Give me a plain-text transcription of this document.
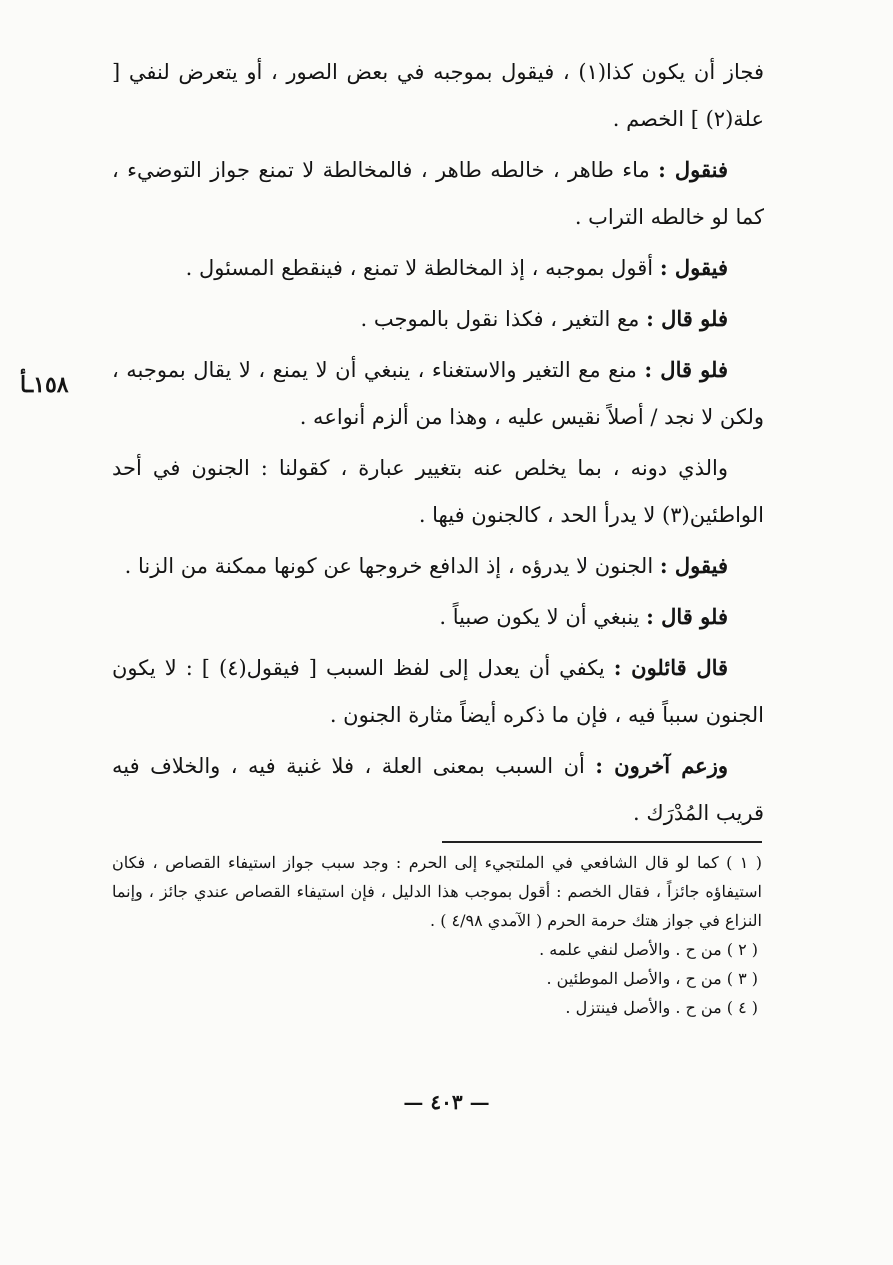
فجاز أن يكون كذا(١) ، فيقول بموجبه في بعض الصور ، أو يتعرض لنفي [ علة(٢) ] الخصم .

فنقول : ماء طاهر ، خالطه طاهر ، فالمخالطة لا تمنع جواز التوضيء ، كما لو خالطه التراب .

فيقول : أقول بموجبه ، إذ المخالطة لا تمنع ، فينقطع المسئول .

فلو قال : مع التغير ، فكذا نقول بالموجب .

فلو قال : منع مع التغير والاستغناء ، ينبغي أن لا يمنع ، لا يقال بموجبه ، ولكن لا نجد / أصلاً نقيس عليه ، وهذا من ألزم أنواعه .

والذي دونه ، بما يخلص عنه بتغيير عبارة ، كقولنا : الجنون في أحد الواطئين(٣) لا يدرأ الحد ، كالجنون فيها .

فيقول : الجنون لا يدرؤه ، إذ الدافع خروجها عن كونها ممكنة من الزنا .

فلو قال : ينبغي أن لا يكون صبياً .

قال قائلون : يكفي أن يعدل إلى لفظ السبب [ فيقول(٤) ] : لا يكون الجنون سبباً فيه ، فإن ما ذكره أيضاً مثارة الجنون .

وزعم آخرون : أن السبب بمعنى العلة ، فلا غنية فيه ، والخلاف فيه قريب المُدْرَك .

١٥٨ـأ

( ١ ) كما لو قال الشافعي في الملتجيء إلى الحرم : وجد سبب جواز استيفاء القصاص ، فكان استيفاؤه جائزاً ، فقال الخصم : أقول بموجب هذا الدليل ، فإن استيفاء القصاص عندي جائز ، وإنما النزاع في جواز هتك حرمة الحرم ( الآمدي ٤/٩٨ ) .

( ٢ ) من ح . والأصل لنفي علمه .

( ٣ ) من ح ، والأصل الموطئين .

( ٤ ) من ح . والأصل فينتزل .

— ٤٠٣ —
